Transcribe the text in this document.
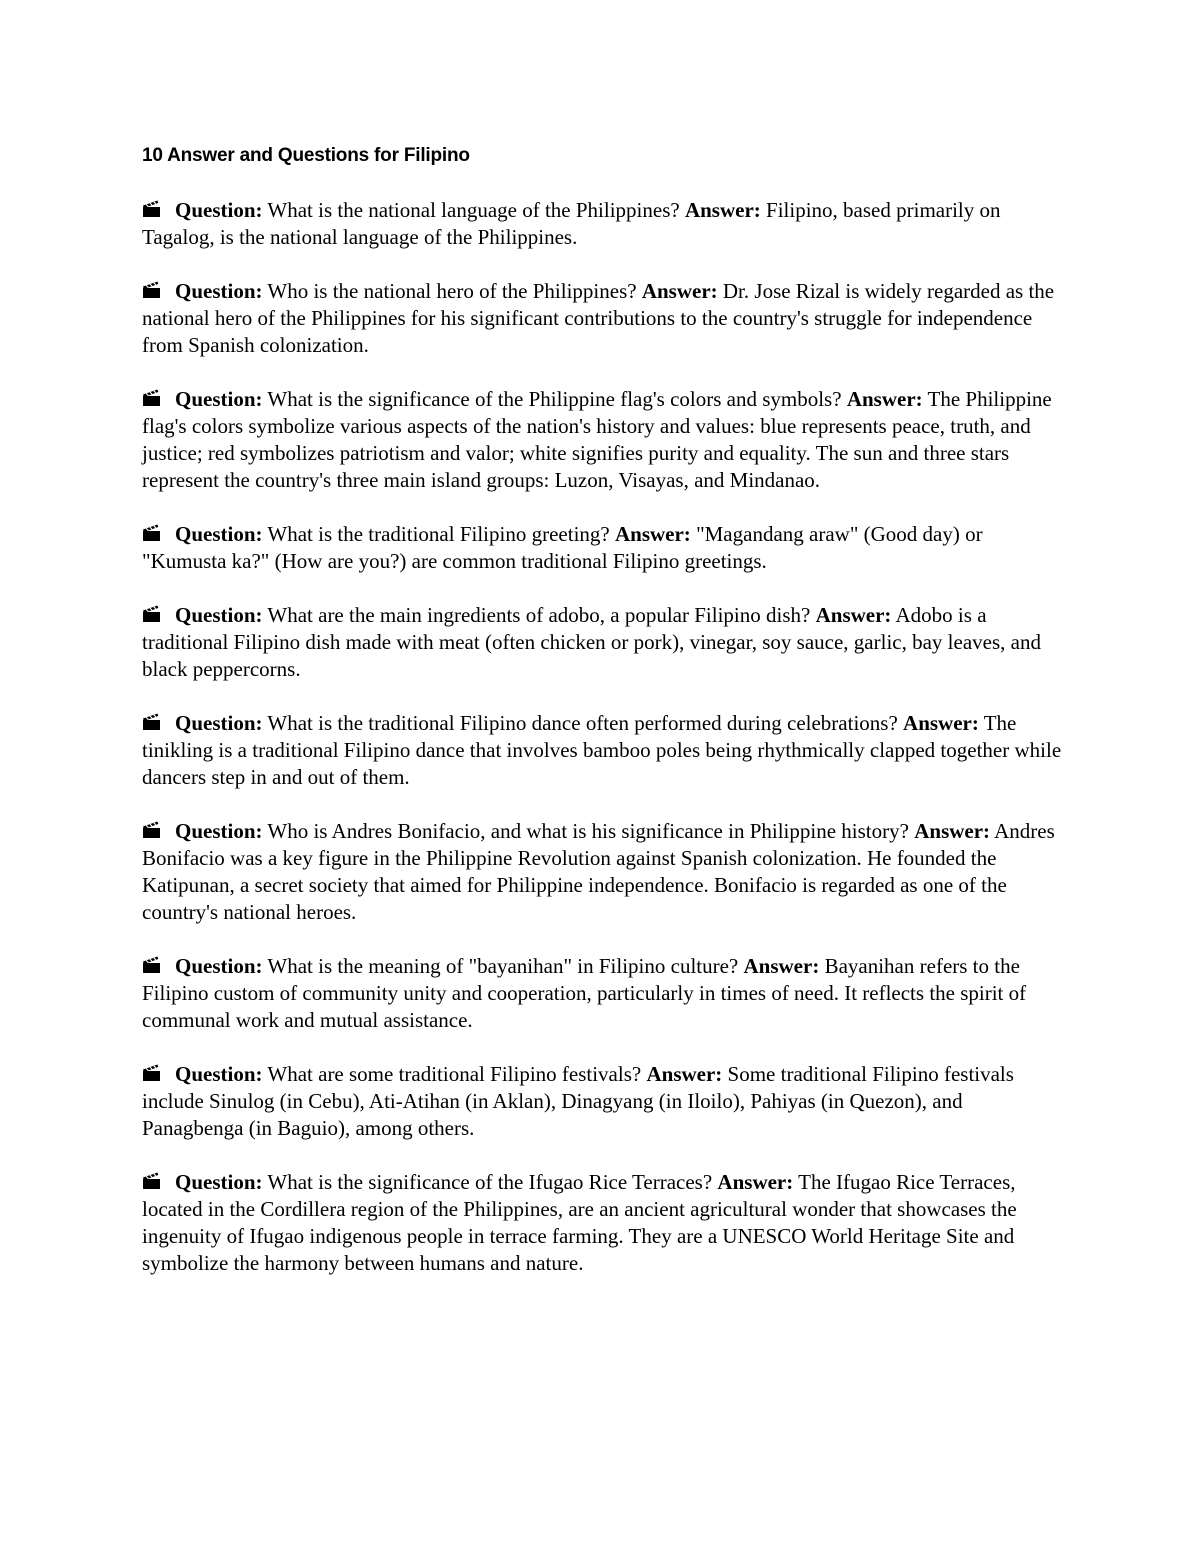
10 Answer and Questions for Filipino
Question: What is the national language of the Philippines? Answer: Filipino, based primarily on Tagalog, is the national language of the Philippines.
Question: Who is the national hero of the Philippines? Answer: Dr. Jose Rizal is widely regarded as the national hero of the Philippines for his significant contributions to the country's struggle for independence from Spanish colonization.
Question: What is the significance of the Philippine flag's colors and symbols? Answer: The Philippine flag's colors symbolize various aspects of the nation's history and values: blue represents peace, truth, and justice; red symbolizes patriotism and valor; white signifies purity and equality. The sun and three stars represent the country's three main island groups: Luzon, Visayas, and Mindanao.
Question: What is the traditional Filipino greeting? Answer: "Magandang araw" (Good day) or "Kumusta ka?" (How are you?) are common traditional Filipino greetings.
Question: What are the main ingredients of adobo, a popular Filipino dish? Answer: Adobo is a traditional Filipino dish made with meat (often chicken or pork), vinegar, soy sauce, garlic, bay leaves, and black peppercorns.
Question: What is the traditional Filipino dance often performed during celebrations? Answer: The tinikling is a traditional Filipino dance that involves bamboo poles being rhythmically clapped together while dancers step in and out of them.
Question: Who is Andres Bonifacio, and what is his significance in Philippine history? Answer: Andres Bonifacio was a key figure in the Philippine Revolution against Spanish colonization. He founded the Katipunan, a secret society that aimed for Philippine independence. Bonifacio is regarded as one of the country's national heroes.
Question: What is the meaning of "bayanihan" in Filipino culture? Answer: Bayanihan refers to the Filipino custom of community unity and cooperation, particularly in times of need. It reflects the spirit of communal work and mutual assistance.
Question: What are some traditional Filipino festivals? Answer: Some traditional Filipino festivals include Sinulog (in Cebu), Ati-Atihan (in Aklan), Dinagyang (in Iloilo), Pahiyas (in Quezon), and Panagbenga (in Baguio), among others.
Question: What is the significance of the Ifugao Rice Terraces? Answer: The Ifugao Rice Terraces, located in the Cordillera region of the Philippines, are an ancient agricultural wonder that showcases the ingenuity of Ifugao indigenous people in terrace farming. They are a UNESCO World Heritage Site and symbolize the harmony between humans and nature.
